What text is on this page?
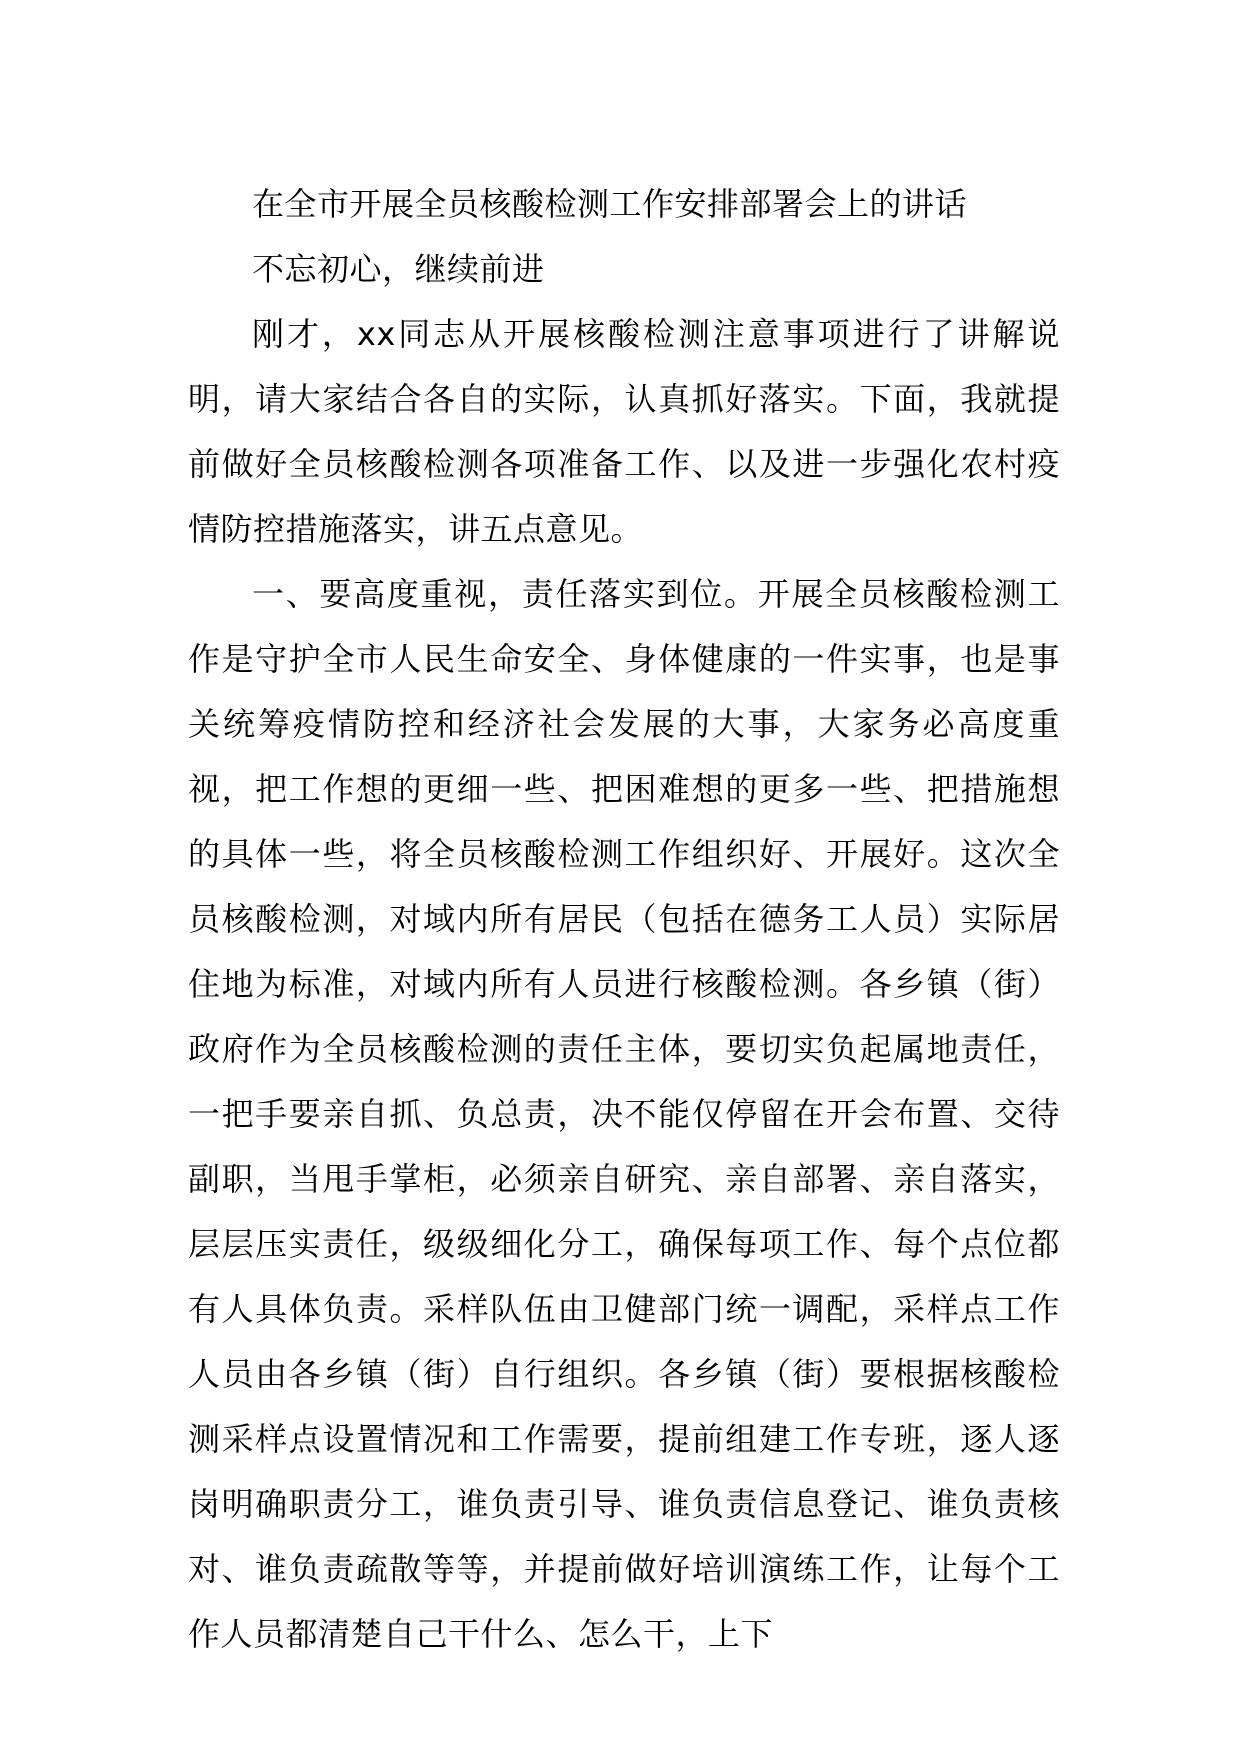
在全市开展全员核酸检测工作安排部署会上的讲话

不忘初心，继续前进

刚才，xx同志从开展核酸检测注意事项进行了讲解说明，请大家结合各自的实际，认真抓好落实。下面，我就提前做好全员核酸检测各项准备工作、以及进一步强化农村疫情防控措施落实，讲五点意见。

一、要高度重视，责任落实到位。开展全员核酸检测工作是守护全市人民生命安全、身体健康的一件实事，也是事关统筹疫情防控和经济社会发展的大事，大家务必高度重视，把工作想的更细一些、把困难想的更多一些、把措施想的具体一些，将全员核酸检测工作组织好、开展好。这次全员核酸检测，对域内所有居民（包括在德务工人员）实际居住地为标准，对域内所有人员进行核酸检测。各乡镇（街）政府作为全员核酸检测的责任主体，要切实负起属地责任，一把手要亲自抓、负总责，决不能仅停留在开会布置、交待副职，当甩手掌柜，必须亲自研究、亲自部署、亲自落实，层层压实责任，级级细化分工，确保每项工作、每个点位都有人具体负责。采样队伍由卫健部门统一调配，采样点工作人员由各乡镇（街）自行组织。各乡镇（街）要根据核酸检测采样点设置情况和工作需要，提前组建工作专班，逐人逐岗明确职责分工，谁负责引导、谁负责信息登记、谁负责核对、谁负责疏散等等，并提前做好培训演练工作，让每个工作人员都清楚自己干什么、怎么干，上下
